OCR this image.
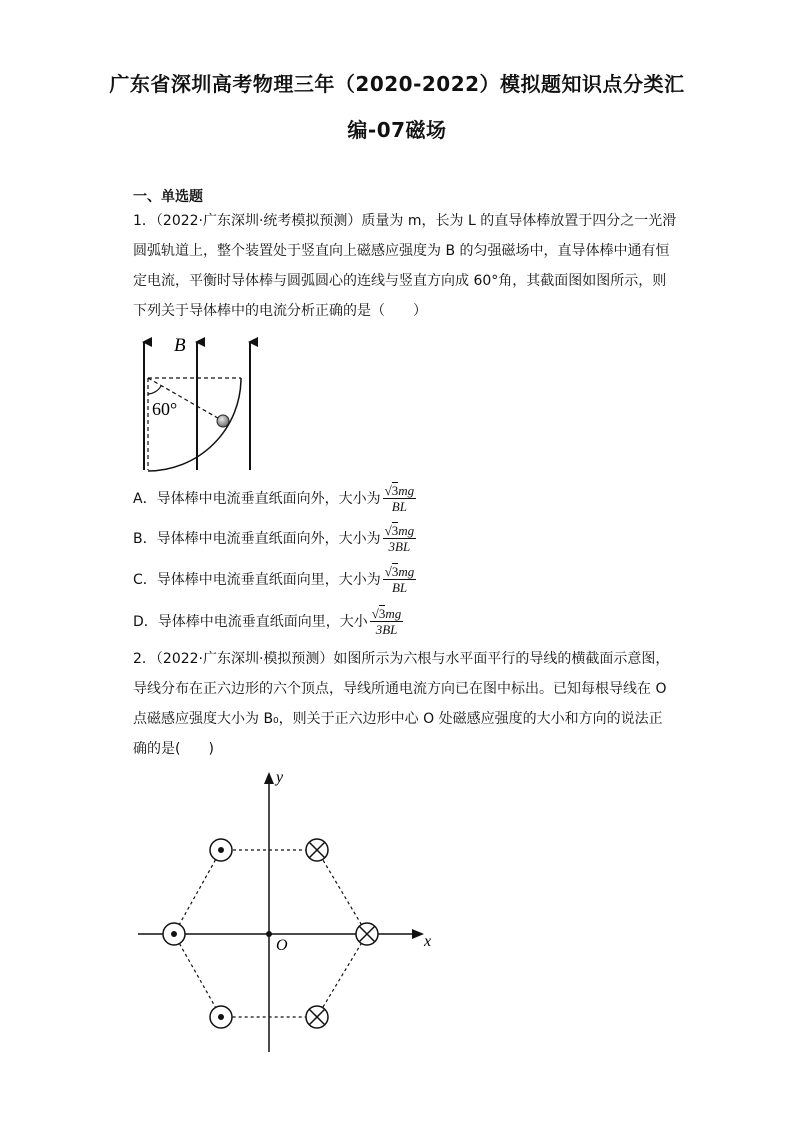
广东省深圳高考物理三年（2020-2022）模拟题知识点分类汇
编-07磁场
一、单选题
1．（2022·广东深圳·统考模拟预测）质量为 m，长为 L 的直导体棒放置于四分之一光滑
圆弧轨道上，整个装置处于竖直向上磁感应强度为 B 的匀强磁场中，直导体棒中通有恒
定电流，平衡时导体棒与圆弧圆心的连线与竖直方向成 60°角，其截面图如图所示，则
下列关于导体棒中的电流分析正确的是（　　）
B
60°
A．导体棒中电流垂直纸面向外，大小为 $\frac{√3mg}{BL}$
B．导体棒中电流垂直纸面向外，大小为 $\frac{√3mg}{3BL}$
C．导体棒中电流垂直纸面向里，大小为 $\frac{√3mg}{BL}$
D．导体棒中电流垂直纸面向里，大小 $\frac{√3mg}{3BL}$
2．（2022·广东深圳·模拟预测）如图所示为六根与水平面平行的导线的横截面示意图，
导线分布在正六边形的六个顶点，导线所通电流方向已在图中标出。已知每根导线在 O
点磁感应强度大小为 B₀，则关于正六边形中心 O 处磁感应强度的大小和方向的说法正
确的是(　　)
x
y
O
